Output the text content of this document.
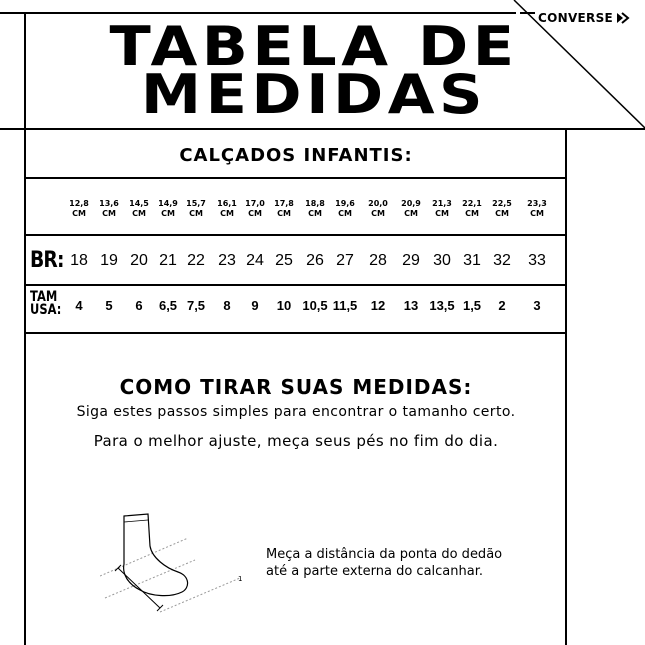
CONVERSE
TABELA DE
MEDIDAS
CALÇADOS INFANTIS:
12,8
CM
13,6
CM
14,5
CM
14,9
CM
15,7
CM
16,1
CM
17,0
CM
17,8
CM
18,8
CM
19,6
CM
20,0
CM
20,9
CM
21,3
CM
22,1
CM
22,5
CM
23,3
CM
BR: 18 19 20 21 22 23 24 25 26 27 28 29 30 31 32 33
TAM
USA: 4 5 6 6,5 7,5 8 9 10 10,5 11,5 12 13 13,5 1,5 2 3
COMO TIRAR SUAS MEDIDAS:
Siga estes passos simples para encontrar o tamanho certo.
Para o melhor ajuste, meça seus pés no fim do dia.
1
Meça a distância da ponta do dedão
até a parte externa do calcanhar.
